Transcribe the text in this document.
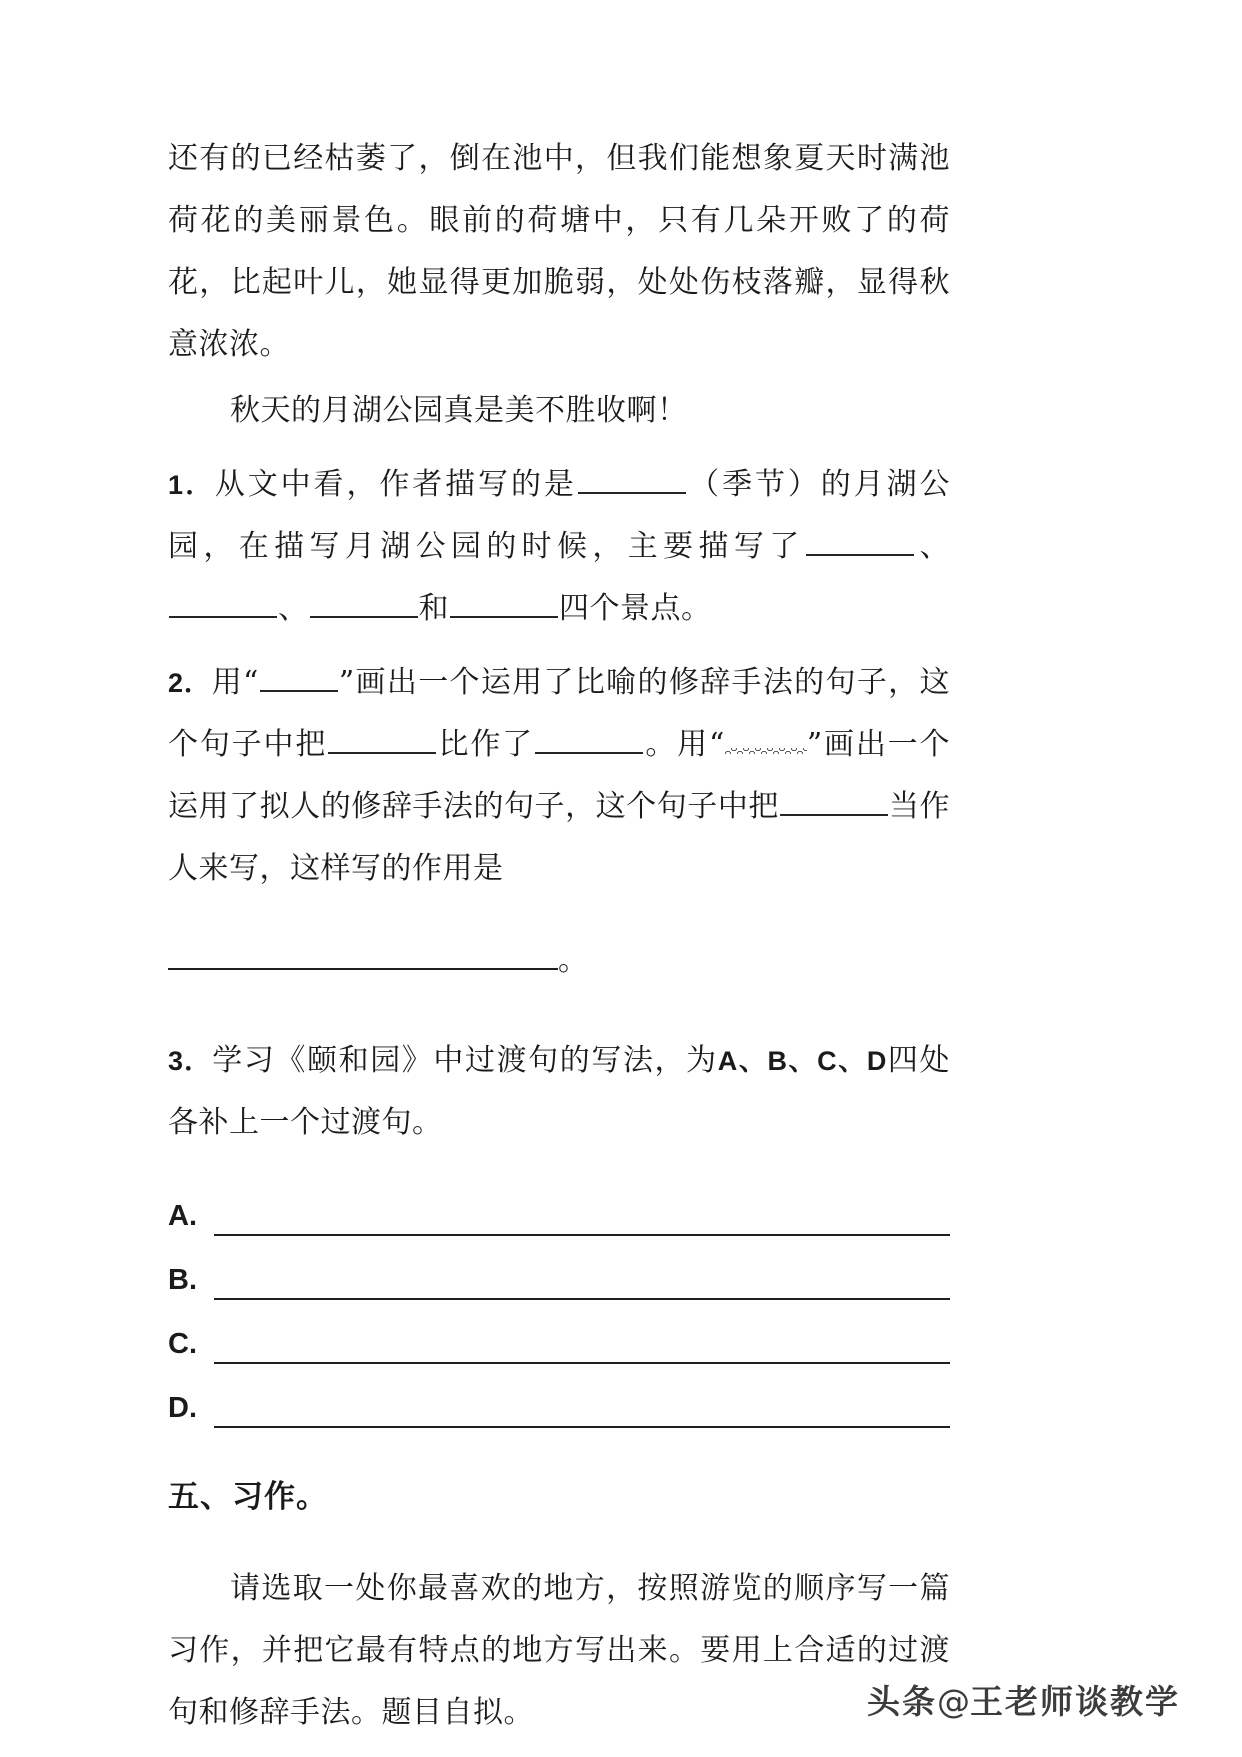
还有的已经枯萎了，倒在池中，但我们能想象夏天时满池荷花的美丽景色。眼前的荷塘中，只有几朵开败了的荷花，比起叶儿，她显得更加脆弱，处处伤枝落瓣，显得秋意浓浓。

秋天的月湖公园真是美不胜收啊！

1．从文中看，作者描写的是	（季节）的月湖公园，在描写月湖公园的时候，主要描写了	、、	和	四个景点。

2．用“	”画出一个运用了比喻的修辞手法的句子，这个句子中把	比作了	。用“	”画出一个运用了拟人的修辞手法的句子，这个句子中把	当作人来写，这样写的作用是

。

3．学习《颐和园》中过渡句的写法，为A、B、C、D四处各补上一个过渡句。

A.
B.
C.
D.

五、习作。

请选取一处你最喜欢的地方，按照游览的顺序写一篇习作，并把它最有特点的地方写出来。要用上合适的过渡句和修辞手法。题目自拟。	头条@王老师谈教学
